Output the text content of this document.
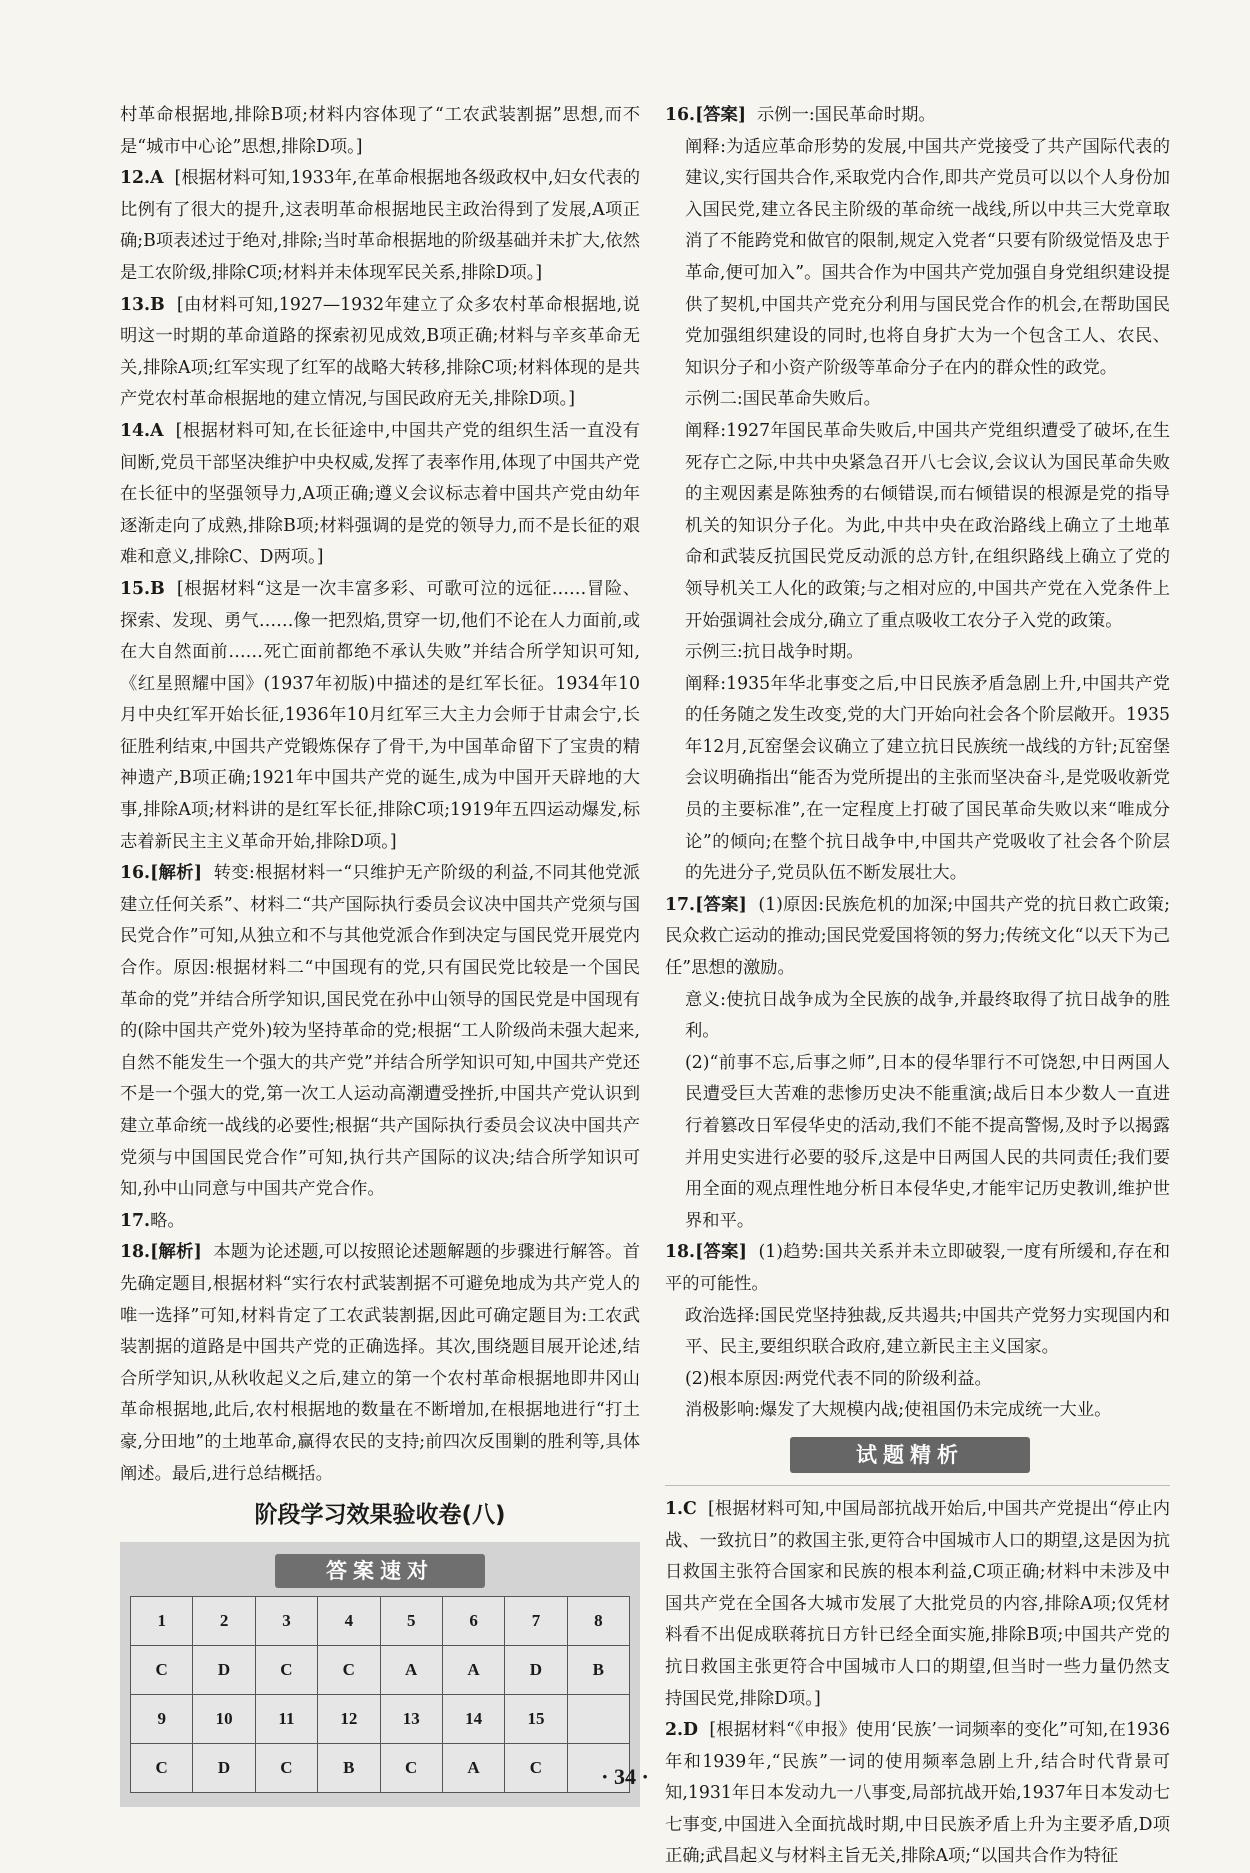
村革命根据地,排除B项;材料内容体现了“工农武装割据”思想,而不是“城市中心论”思想,排除D项。]

12.A [根据材料可知,1933年,在革命根据地各级政权中,妇女代表的比例有了很大的提升,这表明革命根据地民主政治得到了发展,A项正确;B项表述过于绝对,排除;当时革命根据地的阶级基础并未扩大,依然是工农阶级,排除C项;材料并未体现军民关系,排除D项。]

13.B [由材料可知,1927—1932年建立了众多农村革命根据地,说明这一时期的革命道路的探索初见成效,B项正确;材料与辛亥革命无关,排除A项;红军实现了红军的战略大转移,排除C项;材料体现的是共产党农村革命根据地的建立情况,与国民政府无关,排除D项。]

14.A [根据材料可知,在长征途中,中国共产党的组织生活一直没有间断,党员干部坚决维护中央权威,发挥了表率作用,体现了中国共产党在长征中的坚强领导力,A项正确;遵义会议标志着中国共产党由幼年逐渐走向了成熟,排除B项;材料强调的是党的领导力,而不是长征的艰难和意义,排除C、D两项。]

15.B [根据材料“这是一次丰富多彩、可歌可泣的远征……冒险、探索、发现、勇气……像一把烈焰,贯穿一切,他们不论在人力面前,或在大自然面前……死亡面前都绝不承认失败”并结合所学知识可知,《红星照耀中国》(1937年初版)中描述的是红军长征。1934年10月中央红军开始长征,1936年10月红军三大主力会师于甘肃会宁,长征胜利结束,中国共产党锻炼保存了骨干,为中国革命留下了宝贵的精神遗产,B项正确;1921年中国共产党的诞生,成为中国开天辟地的大事,排除A项;材料讲的是红军长征,排除C项;1919年五四运动爆发,标志着新民主主义革命开始,排除D项。]

16.[解析] 转变:根据材料一“只维护无产阶级的利益,不同其他党派建立任何关系”、材料二“共产国际执行委员会议决中国共产党须与国民党合作”可知,从独立和不与其他党派合作到决定与国民党开展党内合作。原因:根据材料二“中国现有的党,只有国民党比较是一个国民革命的党”并结合所学知识,国民党在孙中山领导的国民党是中国现有的(除中国共产党外)较为坚持革命的党;根据“工人阶级尚未强大起来,自然不能发生一个强大的共产党”并结合所学知识可知,中国共产党还不是一个强大的党,第一次工人运动高潮遭受挫折,中国共产党认识到建立革命统一战线的必要性;根据“共产国际执行委员会议决中国共产党须与中国国民党合作”可知,执行共产国际的议决;结合所学知识可知,孙中山同意与中国共产党合作。

17.略。

18.[解析] 本题为论述题,可以按照论述题解题的步骤进行解答。首先确定题目,根据材料“实行农村武装割据不可避免地成为共产党人的唯一选择”可知,材料肯定了工农武装割据,因此可确定题目为:工农武装割据的道路是中国共产党的正确选择。其次,围绕题目展开论述,结合所学知识,从秋收起义之后,建立的第一个农村革命根据地即井冈山革命根据地,此后,农村根据地的数量在不断增加,在根据地进行“打土豪,分田地”的土地革命,赢得农民的支持;前四次反围剿的胜利等,具体阐述。最后,进行总结概括。

阶段学习效果验收卷(八)
答案速对
1	2	3	4	5	6	7	8
C	D	C	C	A	A	D	B
9	10	11	12	13	14	15	
C	D	C	B	C	A	C	

16.[答案] 示例一:国民革命时期。

阐释:为适应革命形势的发展,中国共产党接受了共产国际代表的建议,实行国共合作,采取党内合作,即共产党员可以以个人身份加入国民党,建立各民主阶级的革命统一战线,所以中共三大党章取消了不能跨党和做官的限制,规定入党者“只要有阶级觉悟及忠于革命,便可加入”。国共合作为中国共产党加强自身党组织建设提供了契机,中国共产党充分利用与国民党合作的机会,在帮助国民党加强组织建设的同时,也将自身扩大为一个包含工人、农民、知识分子和小资产阶级等革命分子在内的群众性的政党。

示例二:国民革命失败后。

阐释:1927年国民革命失败后,中国共产党组织遭受了破坏,在生死存亡之际,中共中央紧急召开八七会议,会议认为国民革命失败的主观因素是陈独秀的右倾错误,而右倾错误的根源是党的指导机关的知识分子化。为此,中共中央在政治路线上确立了土地革命和武装反抗国民党反动派的总方针,在组织路线上确立了党的领导机关工人化的政策;与之相对应的,中国共产党在入党条件上开始强调社会成分,确立了重点吸收工农分子入党的政策。

示例三:抗日战争时期。

阐释:1935年华北事变之后,中日民族矛盾急剧上升,中国共产党的任务随之发生改变,党的大门开始向社会各个阶层敞开。1935年12月,瓦窑堡会议确立了建立抗日民族统一战线的方针;瓦窑堡会议明确指出“能否为党所提出的主张而坚决奋斗,是党吸收新党员的主要标准”,在一定程度上打破了国民革命失败以来“唯成分论”的倾向;在整个抗日战争中,中国共产党吸收了社会各个阶层的先进分子,党员队伍不断发展壮大。

17.[答案] (1)原因:民族危机的加深;中国共产党的抗日救亡政策;民众救亡运动的推动;国民党爱国将领的努力;传统文化“以天下为己任”思想的激励。

意义:使抗日战争成为全民族的战争,并最终取得了抗日战争的胜利。

(2)“前事不忘,后事之师”,日本的侵华罪行不可饶恕,中日两国人民遭受巨大苦难的悲惨历史决不能重演;战后日本少数人一直进行着篡改日军侵华史的活动,我们不能不提高警惕,及时予以揭露并用史实进行必要的驳斥,这是中日两国人民的共同责任;我们要用全面的观点理性地分析日本侵华史,才能牢记历史教训,维护世界和平。

18.[答案] (1)趋势:国共关系并未立即破裂,一度有所缓和,存在和平的可能性。

政治选择:国民党坚持独裁,反共遏共;中国共产党努力实现国内和平、民主,要组织联合政府,建立新民主主义国家。

(2)根本原因:两党代表不同的阶级利益。

消极影响:爆发了大规模内战;使祖国仍未完成统一大业。

试题精析

1.C [根据材料可知,中国局部抗战开始后,中国共产党提出“停止内战、一致抗日”的救国主张,更符合中国城市人口的期望,这是因为抗日救国主张符合国家和民族的根本利益,C项正确;材料中未涉及中国共产党在全国各大城市发展了大批党员的内容,排除A项;仅凭材料看不出促成联蒋抗日方针已经全面实施,排除B项;中国共产党的抗日救国主张更符合中国城市人口的期望,但当时一些力量仍然支持国民党,排除D项。]

2.D [根据材料“《申报》使用‘民族’一词频率的变化”可知,在1936年和1939年,“民族”一词的使用频率急剧上升,结合时代背景可知,1931年日本发动九一八事变,局部抗战开始,1937年日本发动七七事变,中国进入全面抗战时期,中日民族矛盾上升为主要矛盾,D项正确;武昌起义与材料主旨无关,排除A项;“以国共合作为特征

· 34 ·
